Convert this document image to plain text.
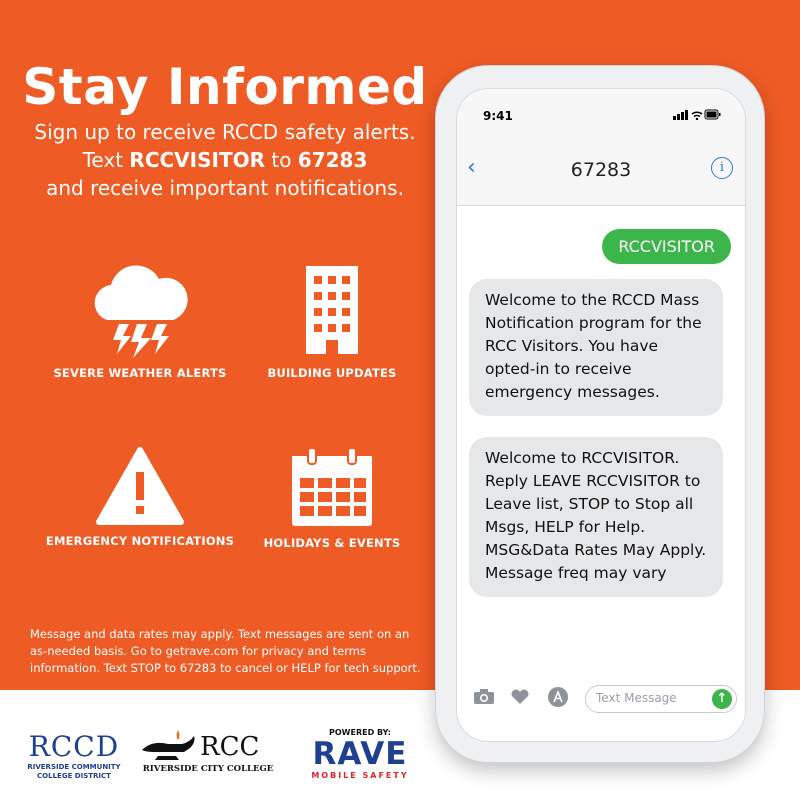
Stay Informed
Sign up to receive RCCD safety alerts.
Text RCCVISITOR to 67283
and receive important notifications.
SEVERE WEATHER ALERTS	BUILDING UPDATES
EMERGENCY NOTIFICATIONS	HOLIDAYS & EVENTS
Message and data rates may apply. Text messages are sent on an as-needed basis. Go to getrave.com for privacy and terms information. Text STOP to 67283 to cancel or HELP for tech support.
9:41
‹	67283	i
RCCVISITOR
Welcome to the RCCD Mass Notification program for the RCC Visitors. You have opted-in to receive emergency messages.
Welcome to RCCVISITOR. Reply LEAVE RCCVISITOR to Leave list, STOP to Stop all Msgs, HELP for Help. MSG&Data Rates May Apply.
Message freq may vary
Text Message	↑
RCCD
RIVERSIDE COMMUNITY COLLEGE DISTRICT
RCC
RIVERSIDE CITY COLLEGE
POWERED BY:
RAVE
MOBILE SAFETY
